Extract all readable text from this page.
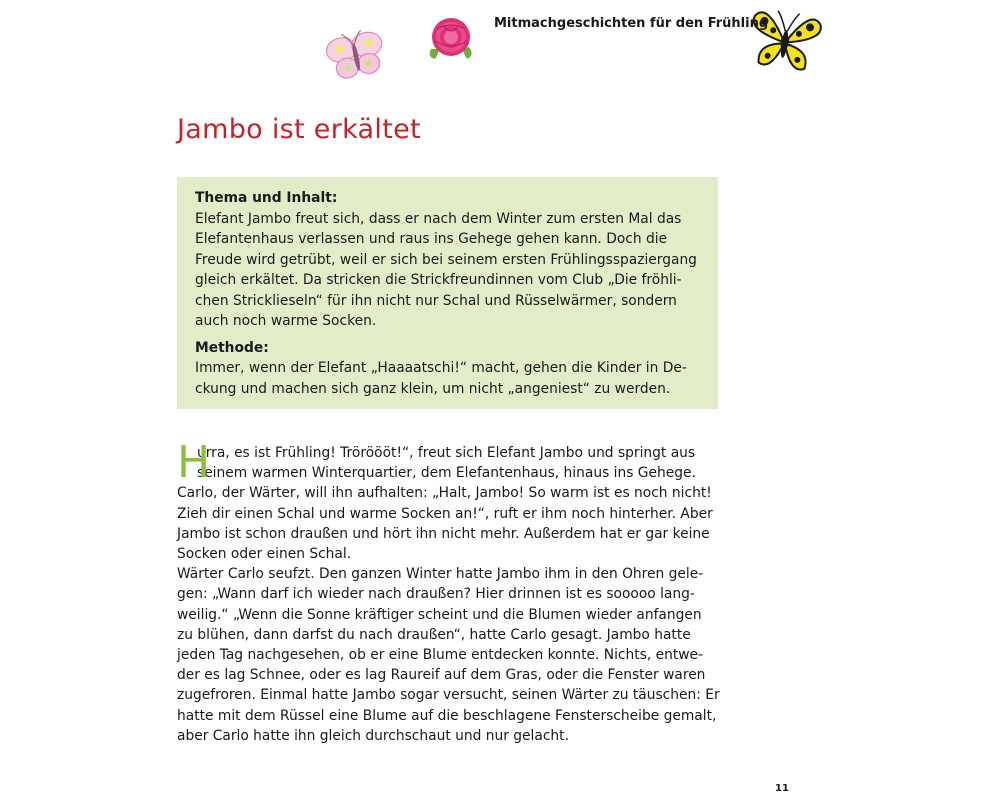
Mitmachgeschichten für den Frühling
Jambo ist erkältet
Thema und Inhalt:
Elefant Jambo freut sich, dass er nach dem Winter zum ersten Mal das
Elefantenhaus verlassen und raus ins Gehege gehen kann. Doch die
Freude wird getrübt, weil er sich bei seinem ersten Frühlingsspaziergang
gleich erkältet. Da stricken die Strickfreundinnen vom Club „Die fröhli-
chen Stricklieseln“ für ihn nicht nur Schal und Rüsselwärmer, sondern
auch noch warme Socken.
Methode:
Immer, wenn der Elefant „Haaaatschi!“ macht, gehen die Kinder in De-
ckung und machen sich ganz klein, um nicht „angeniest“ zu werden.
H
urra, es ist Frühling! Tröröööt!“, freut sich Elefant Jambo und springt aus
seinem warmen Winterquartier, dem Elefantenhaus, hinaus ins Gehege.
Carlo, der Wärter, will ihn aufhalten: „Halt, Jambo! So warm ist es noch nicht!
Zieh dir einen Schal und warme Socken an!“, ruft er ihm noch hinterher. Aber
Jambo ist schon draußen und hört ihn nicht mehr. Außerdem hat er gar keine
Socken oder einen Schal.
Wärter Carlo seufzt. Den ganzen Winter hatte Jambo ihm in den Ohren gele-
gen: „Wann darf ich wieder nach draußen? Hier drinnen ist es sooooo lang-
weilig.“ „Wenn die Sonne kräftiger scheint und die Blumen wieder anfangen
zu blühen, dann darfst du nach draußen“, hatte Carlo gesagt. Jambo hatte
jeden Tag nachgesehen, ob er eine Blume entdecken konnte. Nichts, entwe-
der es lag Schnee, oder es lag Raureif auf dem Gras, oder die Fenster waren
zugefroren. Einmal hatte Jambo sogar versucht, seinen Wärter zu täuschen: Er
hatte mit dem Rüssel eine Blume auf die beschlagene Fensterscheibe gemalt,
aber Carlo hatte ihn gleich durchschaut und nur gelacht.
11
